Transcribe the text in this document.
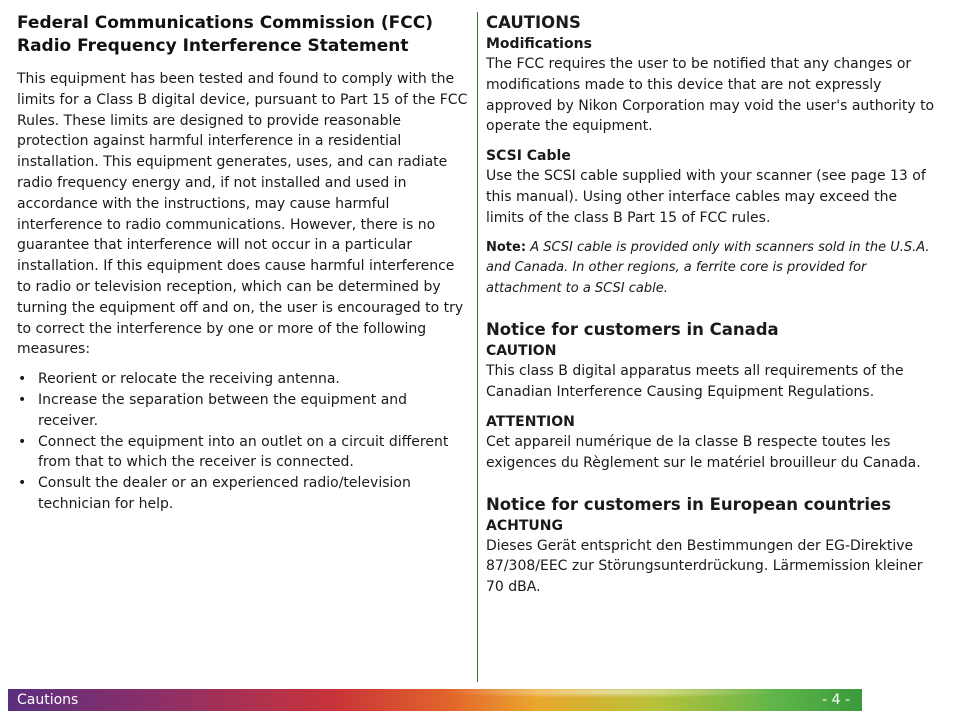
Federal Communications Commission (FCC)
Radio Frequency Interference Statement

This equipment has been tested and found to comply with the limits for a Class B digital device, pursuant to Part 15 of the FCC Rules. These limits are designed to provide reasonable protection against harmful interference in a residential installation. This equipment generates, uses, and can radiate radio frequency energy and, if not installed and used in accordance with the instructions, may cause harmful interference to radio communications. However, there is no guarantee that interference will not occur in a particular installation. If this equipment does cause harmful interference to radio or television reception, which can be determined by turning the equipment off and on, the user is encouraged to try to correct the interference by one or more of the following measures:

• Reorient or relocate the receiving antenna.
• Increase the separation between the equipment and receiver.
• Connect the equipment into an outlet on a circuit different from that to which the receiver is connected.
• Consult the dealer or an experienced radio/television technician for help.
CAUTIONS
Modifications

The FCC requires the user to be notified that any changes or modifications made to this device that are not expressly approved by Nikon Corporation may void the user's authority to operate the equipment.

SCSI Cable

Use the SCSI cable supplied with your scanner (see page 13 of this manual). Using other interface cables may exceed the limits of the class B Part 15 of FCC rules.

Note: A SCSI cable is provided only with scanners sold in the U.S.A. and Canada. In other regions, a ferrite core is provided for attachment to a SCSI cable.

Notice for customers in Canada
CAUTION

This class B digital apparatus meets all requirements of the Canadian Interference Causing Equipment Regulations.

ATTENTION

Cet appareil numérique de la classe B respecte toutes les exigences du Règlement sur le matériel brouilleur du Canada.

Notice for customers in European countries
ACHTUNG

Dieses Gerät entspricht den Bestimmungen der EG-Direktive 87/308/EEC zur Störungsunterdrückung. Lärmemission kleiner 70 dBA.

Cautions	- 4 -
